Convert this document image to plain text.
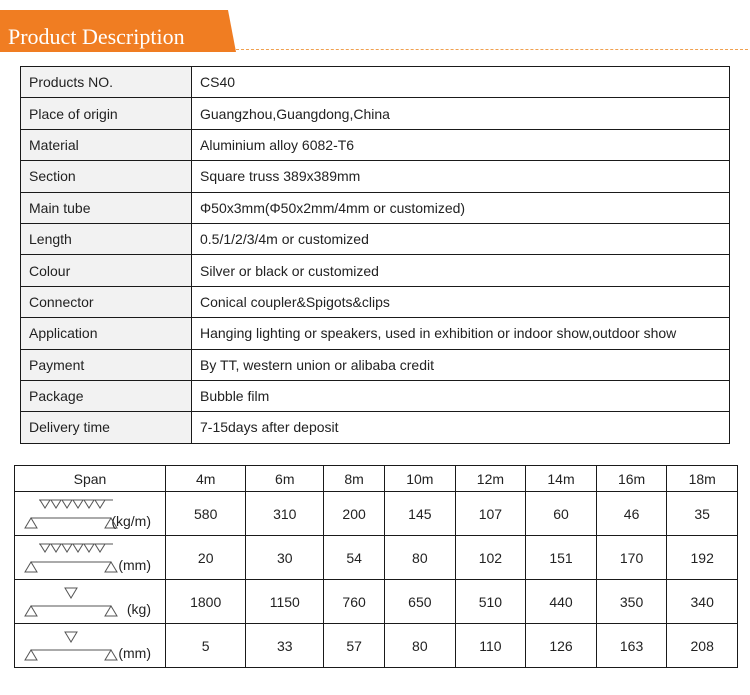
Product Description
Products NO.	CS40
Place of origin	Guangzhou,Guangdong,China
Material	Aluminium alloy 6082-T6
Section	Square truss 389x389mm
Main tube	Φ50x3mm(Φ50x2mm/4mm or customized)
Length	0.5/1/2/3/4m or customized
Colour	Silver or black or customized
Connector	Conical coupler&Spigots&clips
Application	Hanging lighting or speakers, used in exhibition or indoor show,outdoor show
Payment	By TT, western union or alibaba credit
Package	Bubble film
Delivery time	7-15days after deposit
Span	4m	6m	8m	10m	12m	14m	16m	18m

(kg/m)	580	310	200	145	107	60	46	35

(mm)	20	30	54	80	102	151	170	192

(kg)	1800	1150	760	650	510	440	350	340

(mm)	5	33	57	80	110	126	163	208
